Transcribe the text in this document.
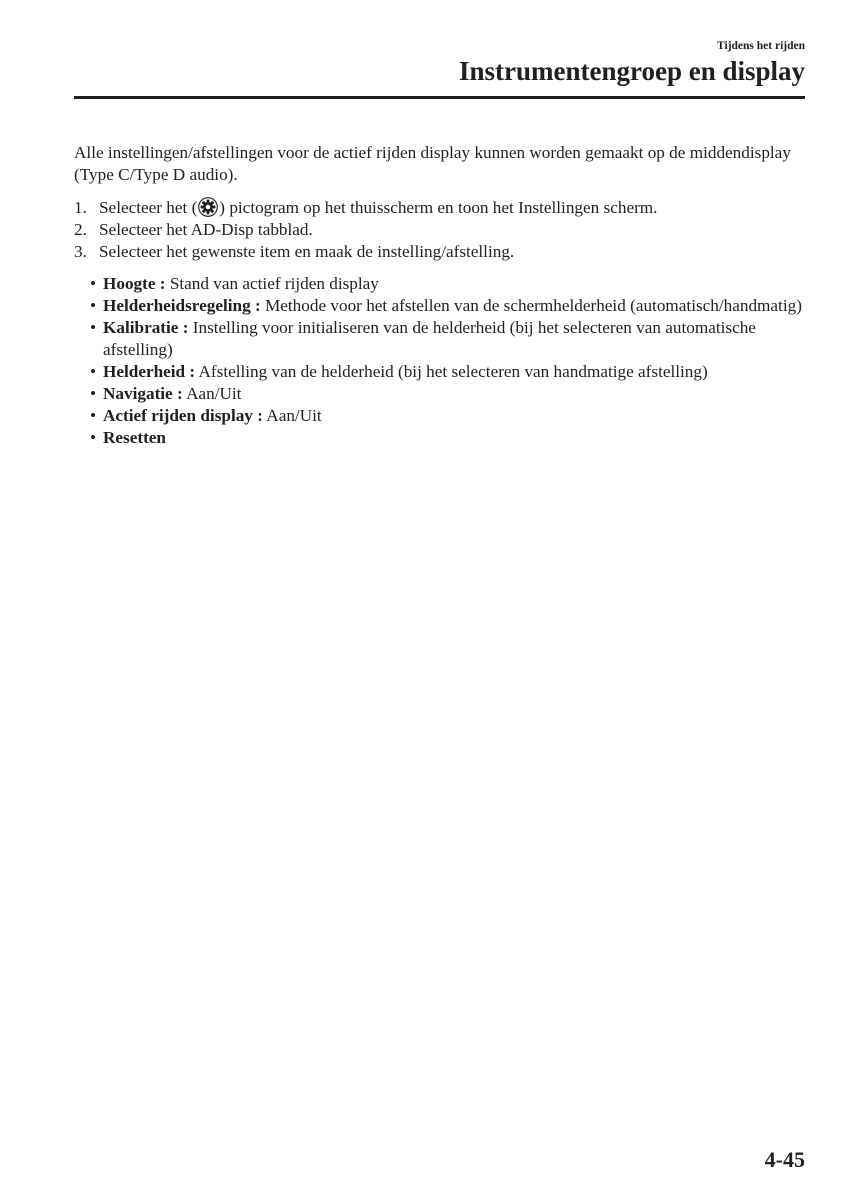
Tijdens het rijden
Instrumentengroep en display

Alle instellingen/afstellingen voor de actief rijden display kunnen worden gemaakt op de middendisplay (Type C/Type D audio).

1. Selecteer het ( ) pictogram op het thuisscherm en toon het Instellingen scherm.
2. Selecteer het AD-Disp tabblad.
3. Selecteer het gewenste item en maak de instelling/afstelling.
• Hoogte : Stand van actief rijden display
• Helderheidsregeling : Methode voor het afstellen van de schermhelderheid (automatisch/handmatig)
• Kalibratie : Instelling voor initialiseren van de helderheid (bij het selecteren van automatische afstelling)
• Helderheid : Afstelling van de helderheid (bij het selecteren van handmatige afstelling)
• Navigatie : Aan/Uit
• Actief rijden display : Aan/Uit
• Resetten
4-45
